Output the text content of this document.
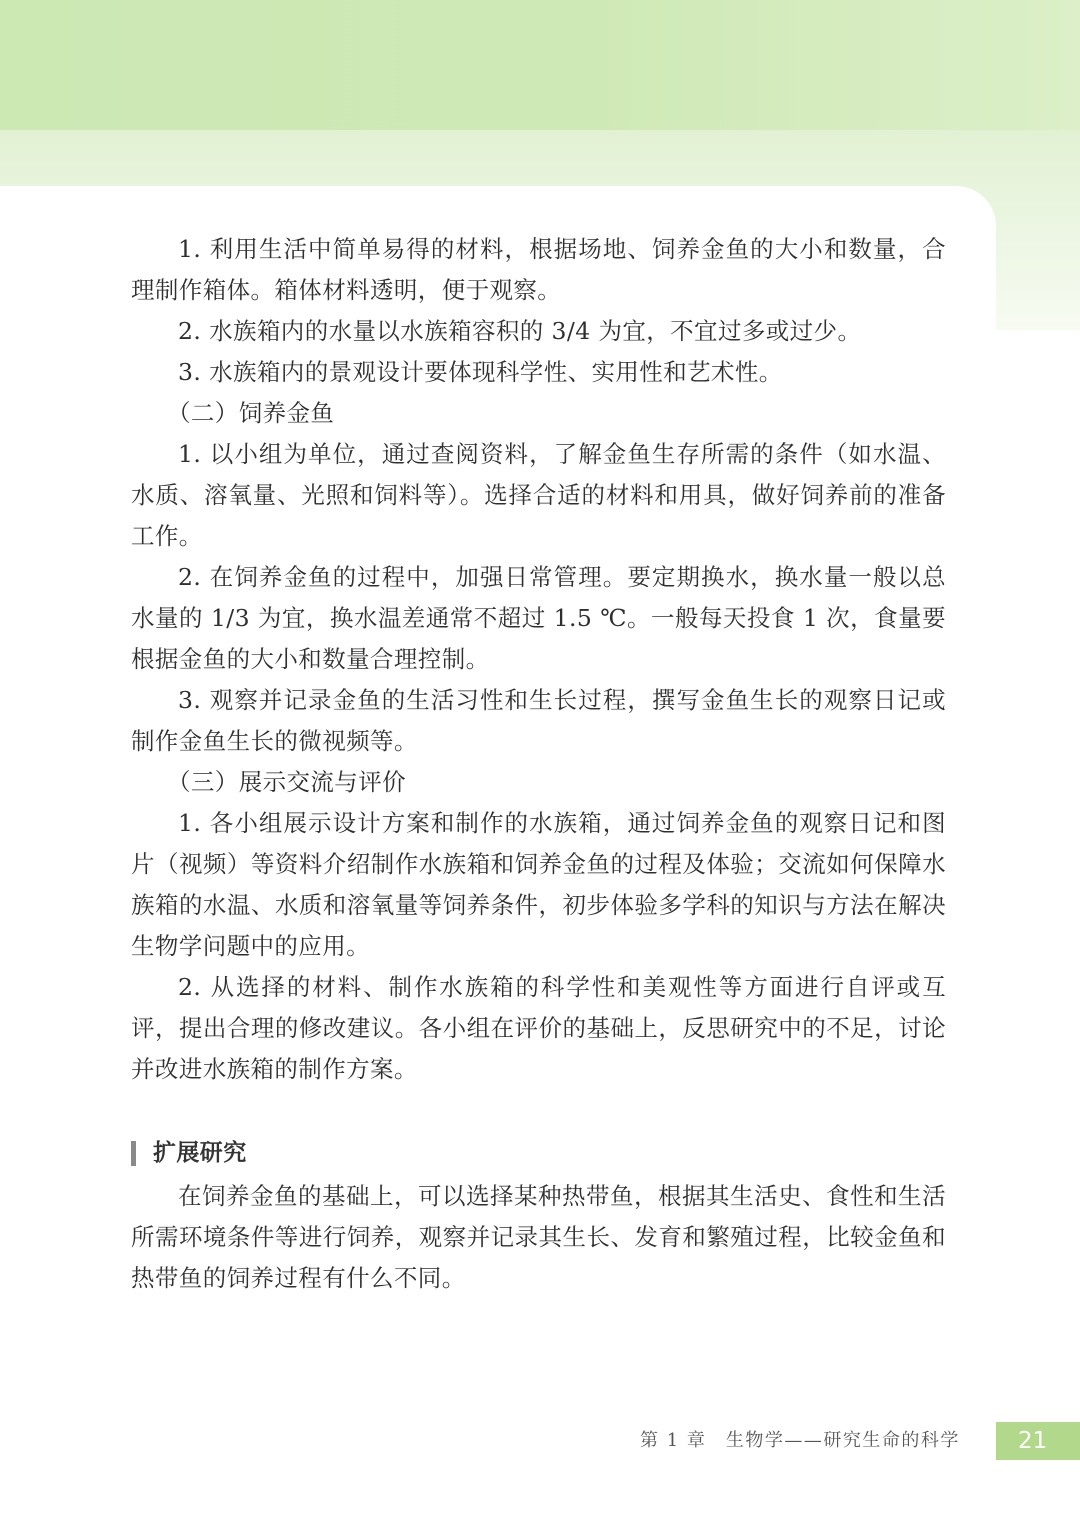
1. 利用生活中简单易得的材料，根据场地、饲养金鱼的大小和数量，合理制作箱体。箱体材料透明，便于观察。

2. 水族箱内的水量以水族箱容积的 3/4 为宜，不宜过多或过少。

3. 水族箱内的景观设计要体现科学性、实用性和艺术性。

（二）饲养金鱼

1. 以小组为单位，通过查阅资料，了解金鱼生存所需的条件（如水温、水质、溶氧量、光照和饲料等）。选择合适的材料和用具，做好饲养前的准备工作。

2. 在饲养金鱼的过程中，加强日常管理。要定期换水，换水量一般以总水量的 1/3 为宜，换水温差通常不超过 1.5 ℃。一般每天投食 1 次，食量要根据金鱼的大小和数量合理控制。

3. 观察并记录金鱼的生活习性和生长过程，撰写金鱼生长的观察日记或制作金鱼生长的微视频等。

（三）展示交流与评价

1. 各小组展示设计方案和制作的水族箱，通过饲养金鱼的观察日记和图片（视频）等资料介绍制作水族箱和饲养金鱼的过程及体验；交流如何保障水族箱的水温、水质和溶氧量等饲养条件，初步体验多学科的知识与方法在解决生物学问题中的应用。

2. 从选择的材料、制作水族箱的科学性和美观性等方面进行自评或互评，提出合理的修改建议。各小组在评价的基础上，反思研究中的不足，讨论并改进水族箱的制作方案。

扩展研究

在饲养金鱼的基础上，可以选择某种热带鱼，根据其生活史、食性和生活所需环境条件等进行饲养，观察并记录其生长、发育和繁殖过程，比较金鱼和热带鱼的饲养过程有什么不同。

第 1 章　生物学——研究生命的科学	21
